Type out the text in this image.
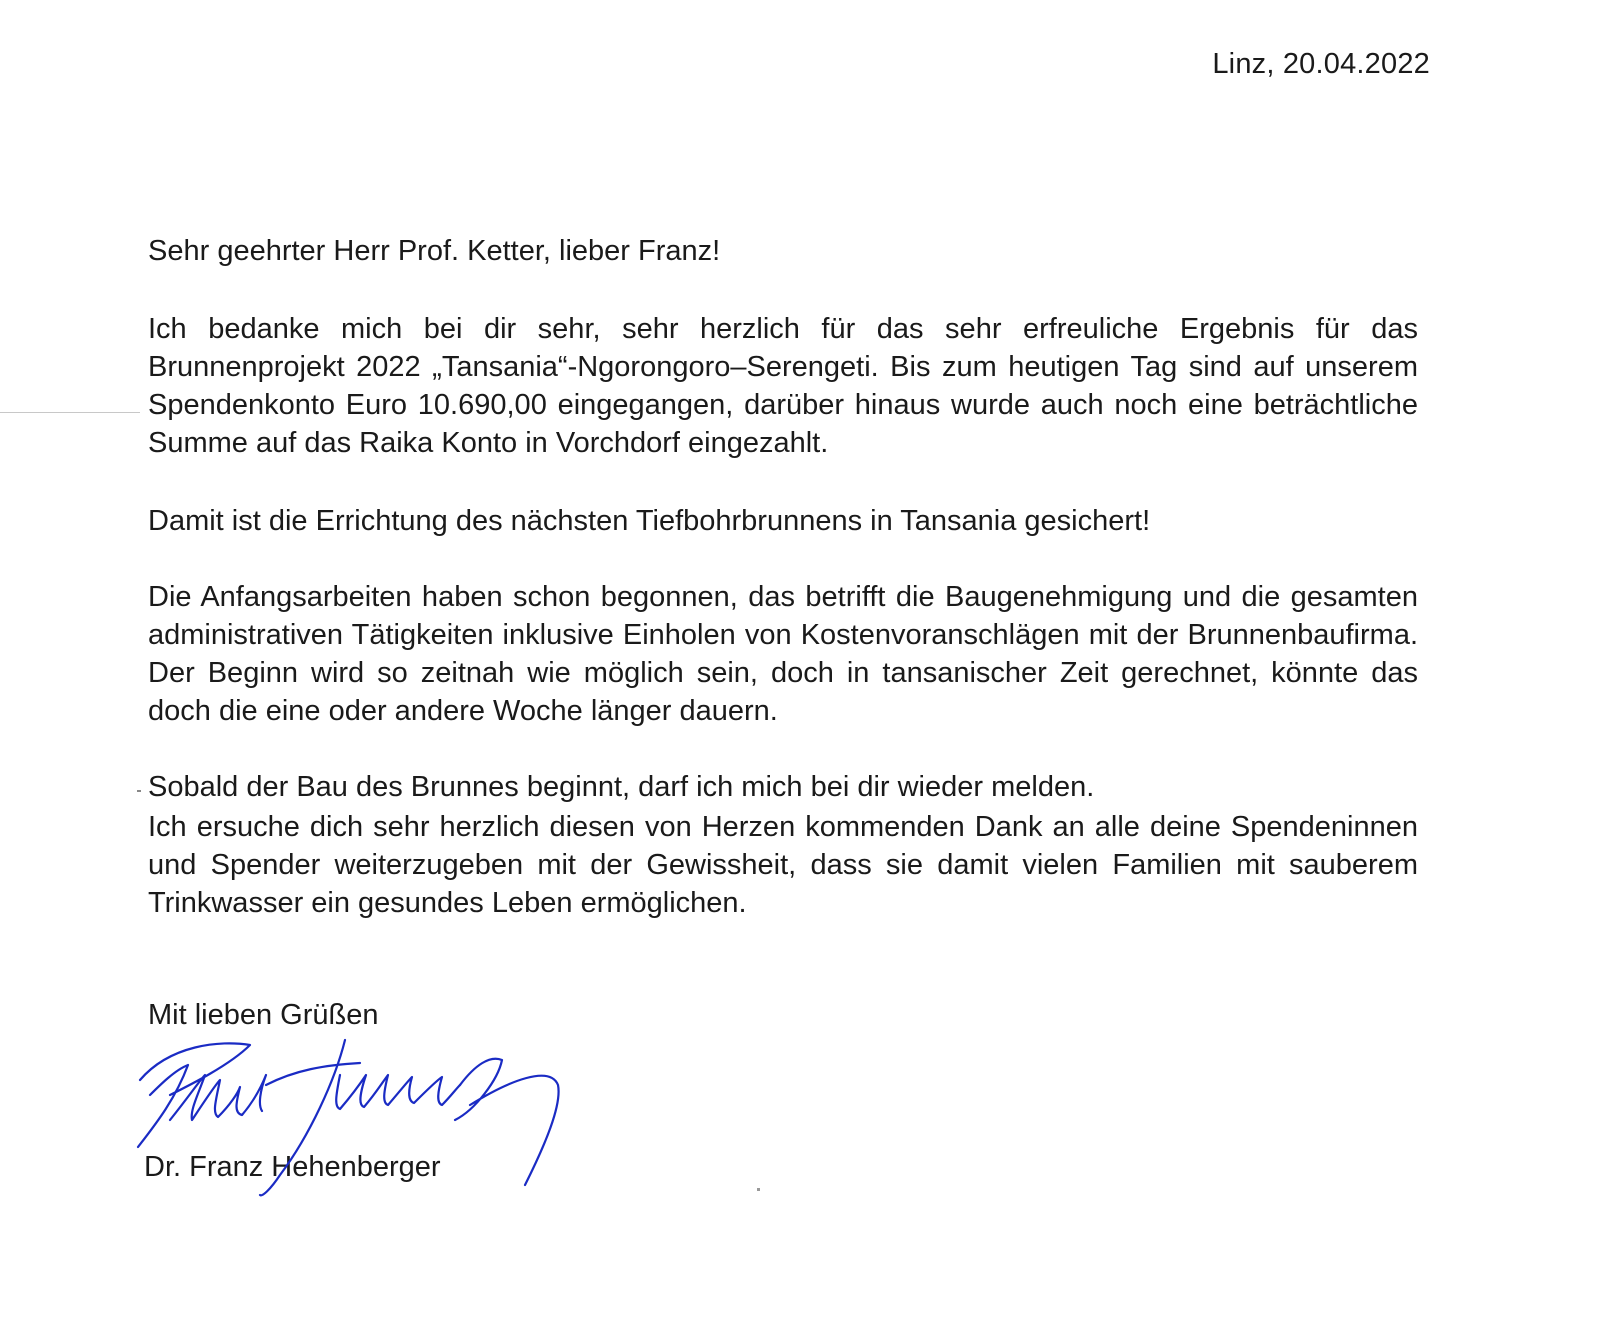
Linz, 20.04.2022

Sehr geehrter Herr Prof. Ketter, lieber Franz!

Ich bedanke mich bei dir sehr, sehr herzlich für das sehr erfreuliche Ergebnis für das Brunnenprojekt 2022 „Tansania“-Ngorongoro–Serengeti. Bis zum heutigen Tag sind auf unserem Spendenkonto Euro 10.690,00 eingegangen, darüber hinaus wurde auch noch eine beträchtliche Summe auf das Raika Konto in Vorchdorf eingezahlt.

Damit ist die Errichtung des nächsten Tiefbohrbrunnens in Tansania gesichert!

Die Anfangsarbeiten haben schon begonnen, das betrifft die Baugenehmigung und die gesamten administrativen Tätigkeiten inklusive Einholen von Kostenvoranschlägen mit der Brunnenbaufirma. Der Beginn wird so zeitnah wie möglich sein, doch in tansanischer Zeit gerechnet, könnte das doch die eine oder andere Woche länger dauern.

Sobald der Bau des Brunnes beginnt, darf ich mich bei dir wieder melden.

Ich ersuche dich sehr herzlich diesen von Herzen kommenden Dank an alle deine Spendeninnen und Spender weiterzugeben mit der Gewissheit, dass sie damit vielen Familien mit sauberem Trinkwasser ein gesundes Leben ermöglichen.

Mit lieben Grüßen

Dr. Franz Hehenberger
